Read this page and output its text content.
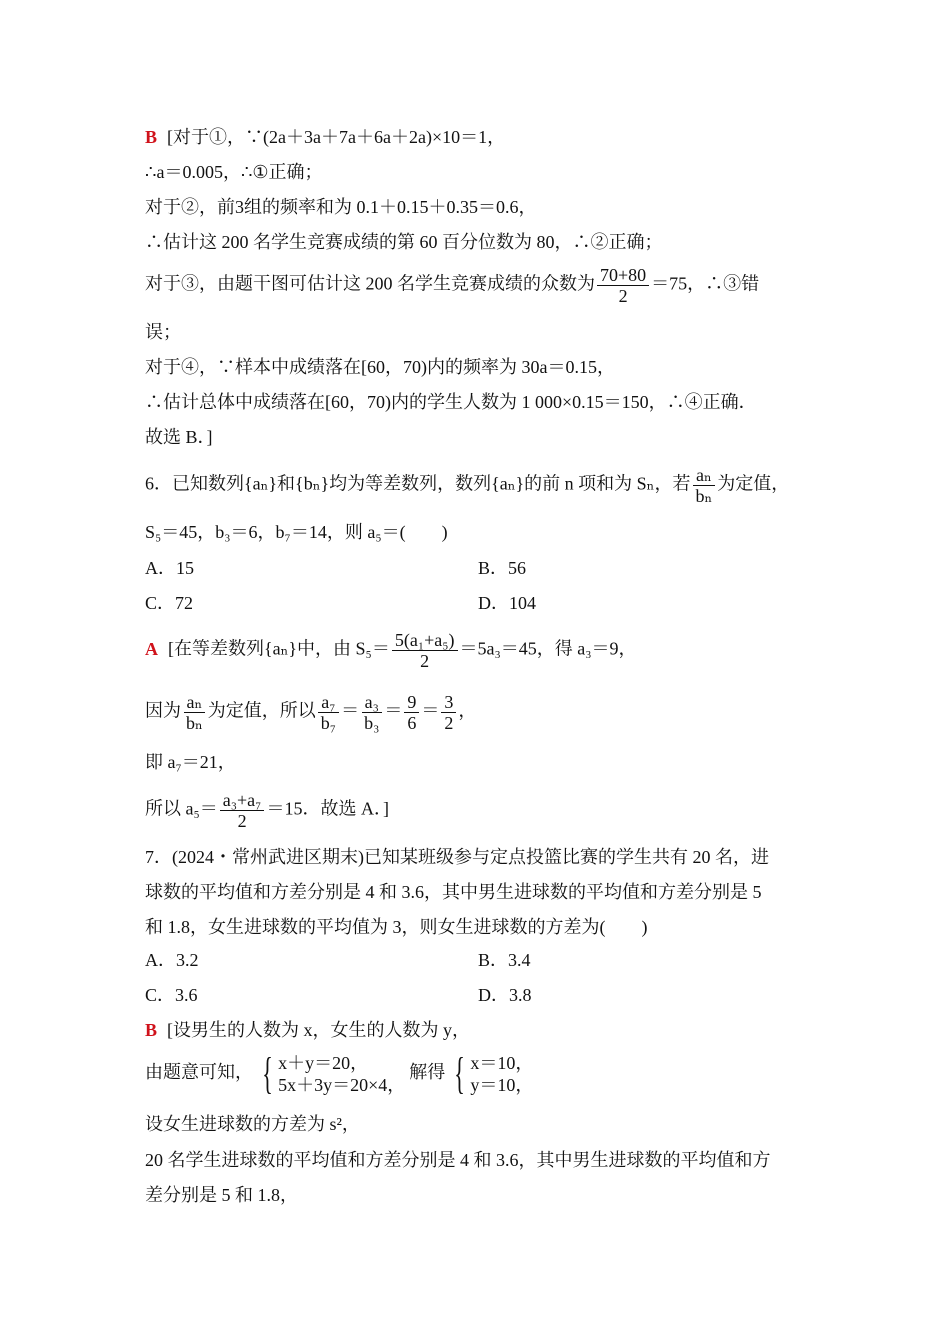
B [对于①，∵(2a＋3a＋7a＋6a＋2a)×10＝1，
∴a＝0.005，∴①正确；
对于②，前3组的频率和为 0.1＋0.15＋0.35＝0.6，
∴估计这 200 名学生竞赛成绩的第 60 百分位数为 80，∴②正确；
对于③，由题干图可估计这 200 名学生竞赛成绩的众数为 $\frac{70+80}{2} =75$，∴③错
误；
对于④，∵样本中成绩落在[60，70)内的频率为 30a＝0.15，
∴估计总体中成绩落在[60，70)内的学生人数为 1 000×0.15＝150，∴④正确．
故选 B．]
6．已知数列{aₙ}和{bₙ}均为等差数列，数列{aₙ}的前 n 项和为 Sₙ，若 $\frac{\text{aₙ}}{\text{bₙ}}$ 为定值，
S₅＝45，b₃＝6，b₇＝14，则 a₅＝(　　)
A．15	B．56
C．72	D．104
A [在等差数列{aₙ}中，由 $S_5= \frac{\text{5(a₁+a₅)}}{2} =5a_3=45$，得 a₃＝9，
因为 $\frac{\text{aₙ}}{\text{bₙ}}$ 为定值，所以 $\frac{\text{a₇}}{\text{b₇}} = \frac{\text{a₃}}{\text{b₃}} = \frac{9}{6} = \frac{3}{2}$ ，
即 a₇＝21，
所以 $a_5= \frac{\text{a₃+a₇}}{2} =15$．故选 A．]
7．(2024・常州武进区期末)已知某班级参与定点投篮比赛的学生共有 20 名，进
球数的平均值和方差分别是 4 和 3.6，其中男生进球数的平均值和方差分别是 5
和 1.8，女生进球数的平均值为 3，则女生进球数的方差为(　　)
A．3.2	B．3.4
C．3.6	D．3.8
B [设男生的人数为 x，女生的人数为 y，
由题意可知， { x＋y＝20，
5x＋3y＝20×4，
解得 { x＝10，
y＝10，
设女生进球数的方差为 s²，
20 名学生进球数的平均值和方差分别是 4 和 3.6，其中男生进球数的平均值和方
差分别是 5 和 1.8，
